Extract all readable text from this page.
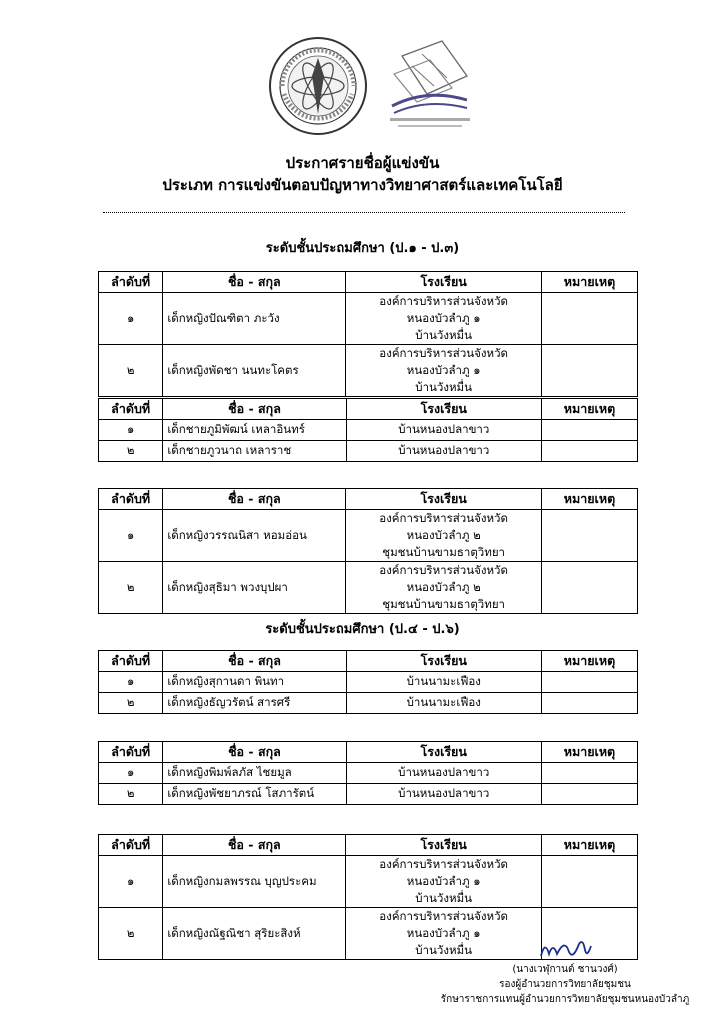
ประกาศรายชื่อผู้แข่งขัน
ประเภท การแข่งขันตอบปัญหาทางวิทยาศาสตร์และเทคโนโลยี
ระดับชั้นประถมศึกษา (ป.๑ - ป.๓)
ลำดับที่	ชื่อ - สกุล	โรงเรียน	หมายเหตุ
๑	เด็กหญิงปัณฑิตา ภะวัง	องค์การบริหารส่วนจังหวัดหนองบัวลำภู ๑
บ้านวังหมื่น	

๒	เด็กหญิงพัดชา นนทะโคตร	องค์การบริหารส่วนจังหวัดหนองบัวลำภู ๑
บ้านวังหมื่น	

ลำดับที่	ชื่อ - สกุล	โรงเรียน	หมายเหตุ
๑	เด็กชายภูมิพัฒน์ เหลาอินทร์	บ้านหนองปลาขาว	
๒	เด็กชายภูวนาถ เหลาราช	บ้านหนองปลาขาว	
ลำดับที่	ชื่อ - สกุล	โรงเรียน	หมายเหตุ
๑	เด็กหญิงวรรณนิสา หอมอ่อน	องค์การบริหารส่วนจังหวัดหนองบัวลำภู ๒
ชุมชนบ้านขามธาตุวิทยา	

๒	เด็กหญิงสุธิมา พวงบุปผา	องค์การบริหารส่วนจังหวัดหนองบัวลำภู ๒
ชุมชนบ้านขามธาตุวิทยา	

ระดับชั้นประถมศึกษา (ป.๔ - ป.๖)
ลำดับที่	ชื่อ - สกุล	โรงเรียน	หมายเหตุ
๑	เด็กหญิงสุกานดา พินทา	บ้านนามะเฟือง	
๒	เด็กหญิงธัญวรัตน์ สารศรี	บ้านนามะเฟือง	
ลำดับที่	ชื่อ - สกุล	โรงเรียน	หมายเหตุ
๑	เด็กหญิงพิมพ์ลภัส ไชยมูล	บ้านหนองปลาขาว	
๒	เด็กหญิงพัชยาภรณ์ โสภารัตน์	บ้านหนองปลาขาว	
ลำดับที่	ชื่อ - สกุล	โรงเรียน	หมายเหตุ
๑	เด็กหญิงกมลพรรณ บุญประคม	องค์การบริหารส่วนจังหวัดหนองบัวลำภู ๑
บ้านวังหมื่น	

๒	เด็กหญิงณัฐณิชา สุริยะสิงห์	องค์การบริหารส่วนจังหวัดหนองบัวลำภู ๑
บ้านวังหมื่น	

(นางเวฬุกานต์ ชานวงศ์)
รองผู้อำนวยการวิทยาลัยชุมชน
รักษาราชการแทนผู้อำนวยการวิทยาลัยชุมชนหนองบัวลำภู
